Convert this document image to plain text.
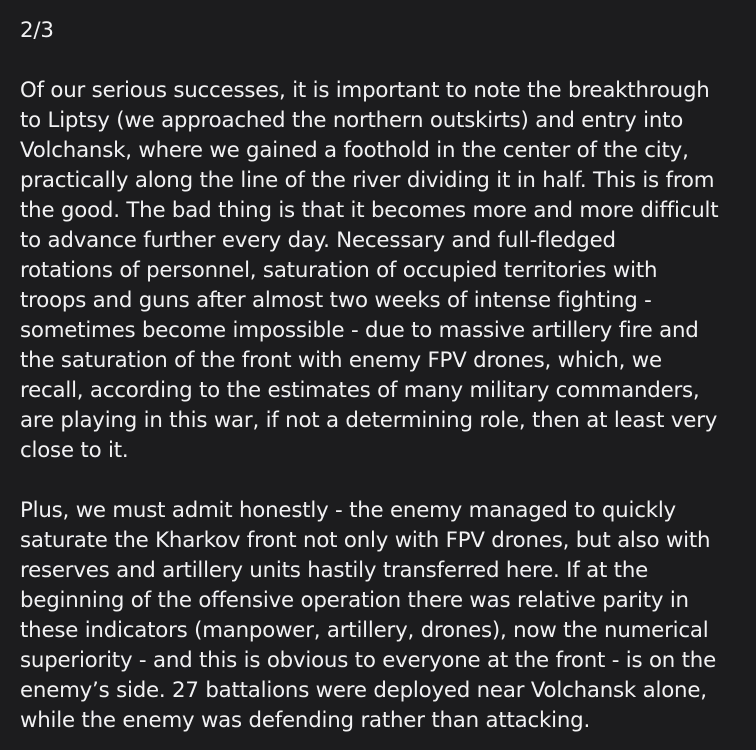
2/3

Of our serious successes, it is important to note the breakthrough
to Liptsy (we approached the northern outskirts) and entry into
Volchansk, where we gained a foothold in the center of the city,
practically along the line of the river dividing it in half. This is from
the good. The bad thing is that it becomes more and more difficult
to advance further every day. Necessary and full-fledged
rotations of personnel, saturation of occupied territories with
troops and guns after almost two weeks of intense fighting -
sometimes become impossible - due to massive artillery fire and
the saturation of the front with enemy FPV drones, which, we
recall, according to the estimates of many military commanders,
are playing in this war, if not a determining role, then at least very
close to it.

Plus, we must admit honestly - the enemy managed to quickly
saturate the Kharkov front not only with FPV drones, but also with
reserves and artillery units hastily transferred here. If at the
beginning of the offensive operation there was relative parity in
these indicators (manpower, artillery, drones), now the numerical
superiority - and this is obvious to everyone at the front - is on the
enemy’s side. 27 battalions were deployed near Volchansk alone,
while the enemy was defending rather than attacking.
